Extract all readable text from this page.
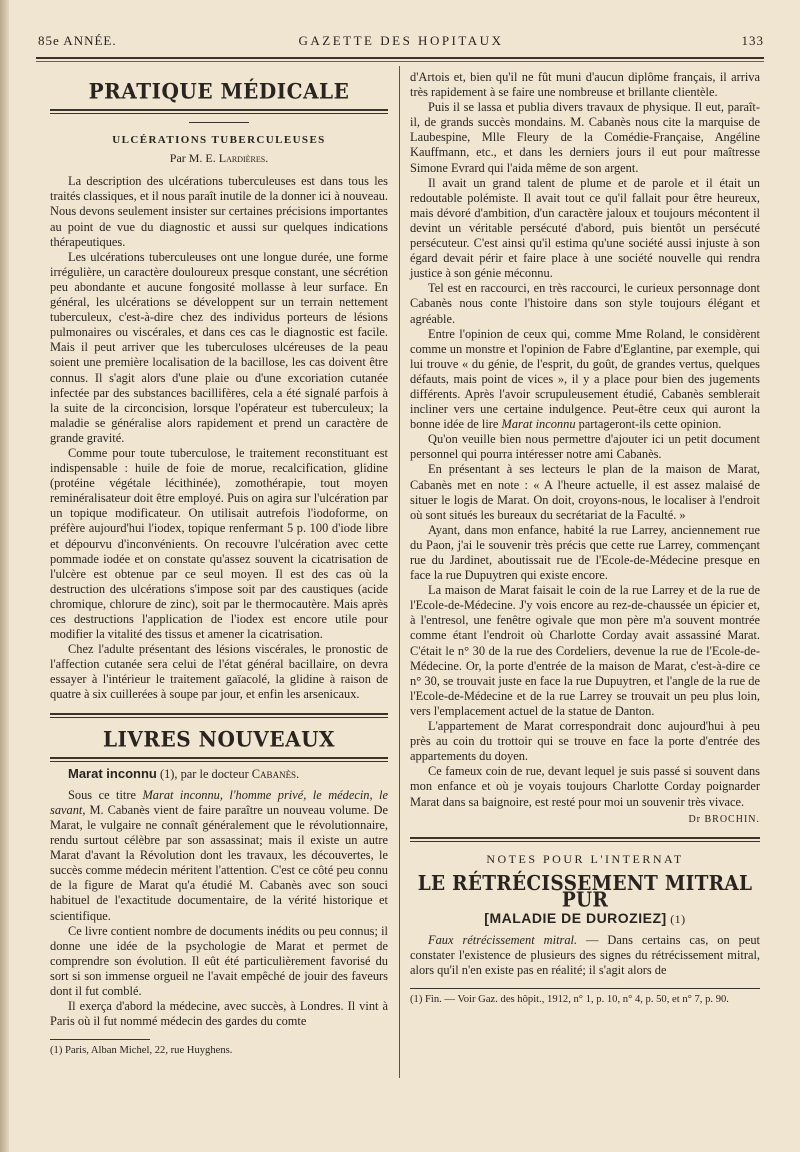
85e ANNÉE.	GAZETTE DES HOPITAUX	133
PRATIQUE MÉDICALE
ULCÉRATIONS TUBERCULEUSES
Par M. E. Lardières.

La description des ulcérations tuberculeuses est dans tous les traités classiques, et il nous paraît inutile de la donner ici à nouveau. Nous devons seulement insister sur certaines précisions importantes au point de vue du diagnostic et aussi sur quelques indications thérapeutiques.

Les ulcérations tuberculeuses ont une longue durée, une forme irrégulière, un caractère douloureux presque constant, une sécrétion peu abondante et aucune fongosité mollasse à leur surface. En général, les ulcérations se développent sur un terrain nettement tuberculeux, c'est-à-dire chez des individus porteurs de lésions pulmonaires ou viscérales, et dans ces cas le diagnostic est facile. Mais il peut arriver que les tuberculoses ulcéreuses de la peau soient une première localisation de la bacillose, les cas doivent être connus. Il s'agit alors d'une plaie ou d'une excoriation cutanée infectée par des substances bacillifères, cela a été signalé parfois à la suite de la circoncision, lorsque l'opérateur est tuberculeux; la maladie se généralise alors rapidement et prend un caractère de grande gravité.

Comme pour toute tuberculose, le traitement reconstituant est indispensable : huile de foie de morue, recalcification, glidine (protéine végétale lécithinée), zomothérapie, tout moyen reminéralisateur doit être employé. Puis on agira sur l'ulcération par un topique modificateur. On utilisait autrefois l'iodoforme, on préfère aujourd'hui l'iodex, topique renfermant 5 p. 100 d'iode libre et dépourvu d'inconvénients. On recouvre l'ulcération avec cette pommade iodée et on constate qu'assez souvent la cicatrisation de l'ulcère est obtenue par ce seul moyen. Il est des cas où la destruction des ulcérations s'impose soit par des caustiques (acide chromique, chlorure de zinc), soit par le thermocautère. Mais après ces destructions l'application de l'iodex est encore utile pour modifier la vitalité des tissus et amener la cicatrisation.

Chez l'adulte présentant des lésions viscérales, le pronostic de l'affection cutanée sera celui de l'état général bacillaire, on devra essayer à l'intérieur le traitement gaïacolé, la glidine à raison de quatre à six cuillerées à soupe par jour, et enfin les arsenicaux.

LIVRES NOUVEAUX
Marat inconnu (1), par le docteur Cabanès.

Sous ce titre Marat inconnu, l'homme privé, le médecin, le savant, M. Cabanès vient de faire paraître un nouveau volume. De Marat, le vulgaire ne connaît généralement que le révolutionnaire, rendu surtout célèbre par son assassinat; mais il existe un autre Marat d'avant la Révolution dont les travaux, les découvertes, le succès comme médecin méritent l'attention. C'est ce côté peu connu de la figure de Marat qu'a étudié M. Cabanès avec son souci habituel de l'exactitude documentaire, de la vérité historique et scientifique.

Ce livre contient nombre de documents inédits ou peu connus; il donne une idée de la psychologie de Marat et permet de comprendre son évolution. Il eût été particulièrement favorisé du sort si son immense orgueil ne l'avait empêché de jouir des faveurs dont il fut comblé.

Il exerça d'abord la médecine, avec succès, à Londres. Il vint à Paris où il fut nommé médecin des gardes du comte

(1) Paris, Alban Michel, 22, rue Huyghens.

d'Artois et, bien qu'il ne fût muni d'aucun diplôme français, il arriva très rapidement à se faire une nombreuse et brillante clientèle.

Puis il se lassa et publia divers travaux de physique. Il eut, paraît-il, de grands succès mondains. M. Cabanès nous cite la marquise de Laubespine, Mlle Fleury de la Comédie-Française, Angéline Kauffmann, etc., et dans les derniers jours il eut pour maîtresse Simone Evrard qui l'aida même de son argent.

Il avait un grand talent de plume et de parole et il était un redoutable polémiste. Il avait tout ce qu'il fallait pour être heureux, mais dévoré d'ambition, d'un caractère jaloux et toujours mécontent il devint un véritable persécuté d'abord, puis bientôt un persécuté persécuteur. C'est ainsi qu'il estima qu'une société aussi injuste à son égard devait périr et faire place à une société nouvelle qui rendra justice à son génie méconnu.

Tel est en raccourci, en très raccourci, le curieux personnage dont Cabanès nous conte l'histoire dans son style toujours élégant et agréable.

Entre l'opinion de ceux qui, comme Mme Roland, le considèrent comme un monstre et l'opinion de Fabre d'Eglantine, par exemple, qui lui trouve « du génie, de l'esprit, du goût, de grandes vertus, quelques défauts, mais point de vices », il y a place pour bien des jugements différents. Après l'avoir scrupuleusement étudié, Cabanès semblerait incliner vers une certaine indulgence. Peut-être ceux qui auront la bonne idée de lire Marat inconnu partageront-ils cette opinion.

Qu'on veuille bien nous permettre d'ajouter ici un petit document personnel qui pourra intéresser notre ami Cabanès.

En présentant à ses lecteurs le plan de la maison de Marat, Cabanès met en note : « A l'heure actuelle, il est assez malaisé de situer le logis de Marat. On doit, croyons-nous, le localiser à l'endroit où sont situés les bureaux du secrétariat de la Faculté. »

Ayant, dans mon enfance, habité la rue Larrey, anciennement rue du Paon, j'ai le souvenir très précis que cette rue Larrey, commençant rue du Jardinet, aboutissait rue de l'Ecole-de-Médecine presque en face la rue Dupuytren qui existe encore.

La maison de Marat faisait le coin de la rue Larrey et de la rue de l'Ecole-de-Médecine. J'y vois encore au rez-de-chaussée un épicier et, à l'entresol, une fenêtre ogivale que mon père m'a souvent montrée comme étant l'endroit où Charlotte Corday avait assassiné Marat. C'était le n° 30 de la rue des Cordeliers, devenue la rue de l'Ecole-de-Médecine. Or, la porte d'entrée de la maison de Marat, c'est-à-dire ce n° 30, se trouvait juste en face la rue Dupuytren, et l'angle de la rue de l'Ecole-de-Médecine et de la rue Larrey se trouvait un peu plus loin, vers l'emplacement actuel de la statue de Danton.

L'appartement de Marat correspondrait donc aujourd'hui à peu près au coin du trottoir qui se trouve en face la porte d'entrée des appartements du doyen.

Ce fameux coin de rue, devant lequel je suis passé si souvent dans mon enfance et où je voyais toujours Charlotte Corday poignarder Marat dans sa baignoire, est resté pour moi un souvenir très vivace.

Dr BROCHIN.
NOTES POUR L'INTERNAT
LE RÉTRÉCISSEMENT MITRAL PUR
[MALADIE DE DUROZIEZ] (1)

Faux rétrécissement mitral. — Dans certains cas, on peut constater l'existence de plusieurs des signes du rétrécissement mitral, alors qu'il n'en existe pas en réalité; il s'agit alors de

(1) Fin. — Voir Gaz. des hôpit., 1912, n° 1, p. 10, n° 4, p. 50, et n° 7, p. 90.
